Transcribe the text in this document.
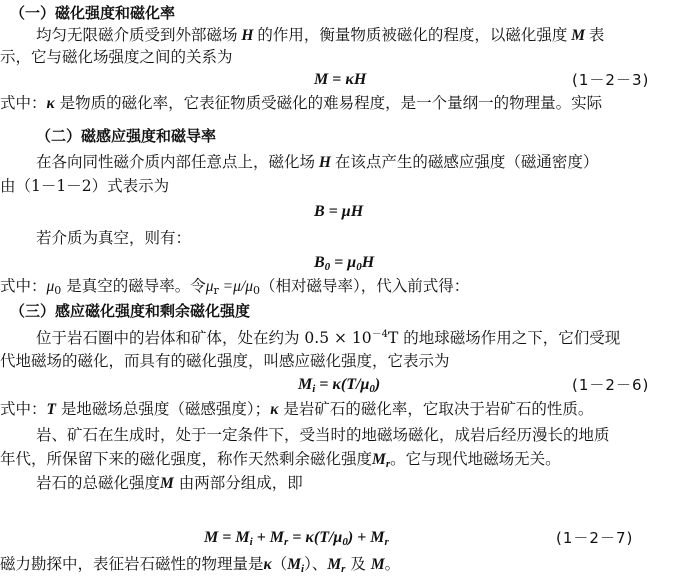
（一）磁化强度和磁化率
均匀无限磁介质受到外部磁场 H 的作用，衡量物质被磁化的程度，以磁化强度 M 表
示，它与磁化场强度之间的关系为
M = κH	(1－2－3)
式中：κ 是物质的磁化率，它表征物质受磁化的难易程度，是一个量纲一的物理量。实际
（二）磁感应强度和磁导率
在各向同性磁介质内部任意点上，磁化场 H 在该点产生的磁感应强度（磁通密度）
由（1－1－2）式表示为
B = μH
若介质为真空，则有：
$B_0 = \mu_0H$
式中：$\mu_0$ 是真空的磁导率。令$\mu_r =\mu/\mu_0$（相对磁导率），代入前式得：
（三）感应磁化强度和剩余磁化强度
位于岩石圈中的岩体和矿体，处在约为 $0.5 \times 10^{-4}T$ 的地球磁场作用之下，它们受现
代地磁场的磁化，而具有的磁化强度，叫感应磁化强度，它表示为
$M_i = \kappa(T/\mu_0)$	(1－2－6)
式中：T 是地磁场总强度（磁感强度）；κ 是岩矿石的磁化率，它取决于岩矿石的性质。
岩、矿石在生成时，处于一定条件下，受当时的地磁场磁化，成岩后经历漫长的地质
年代，所保留下来的磁化强度，称作天然剩余磁化强度$M_r$。它与现代地磁场无关。
岩石的总磁化强度M 由两部分组成，即
$M = M_i + M_r = \kappa(T/\mu_0) + M_r$	(1－2－7)
磁力勘探中，表征岩石磁性的物理量是$\kappa(M_i)$、$M_r$ 及 M。
